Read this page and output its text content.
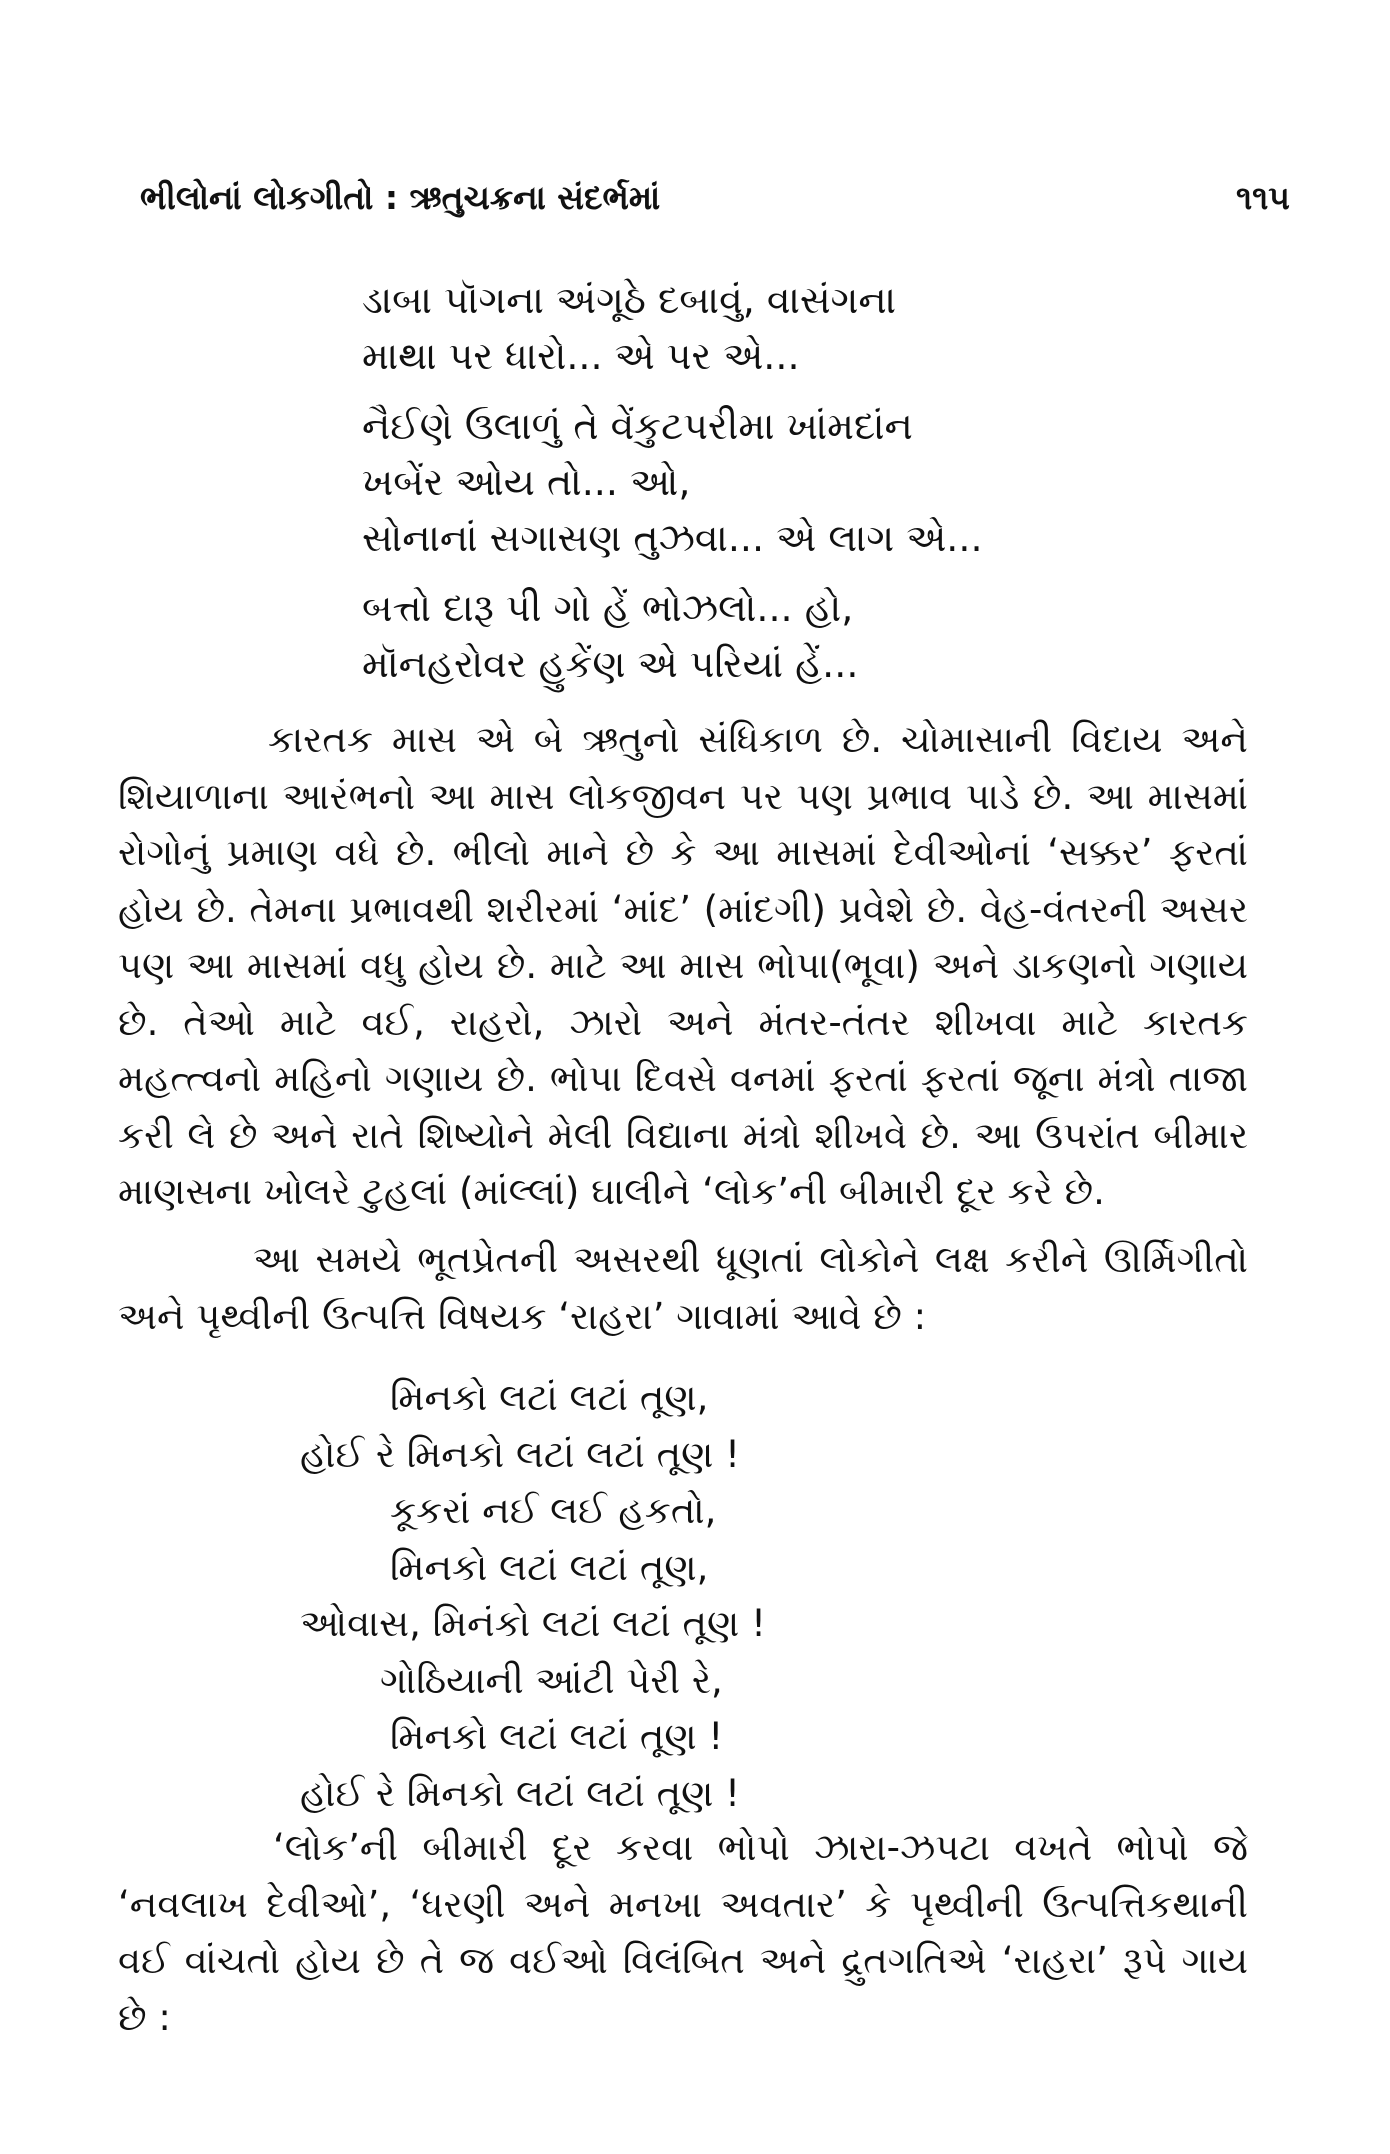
ભીલોનાં લોકગીતો : ઋતુચક્રના સંદર્ભમાં	૧૧૫
ડાબા પૉગના અંગૂઠે દબાવું, વાસંગના
માથા પર ધારો... એ પર એ...
નૈઈણે ઉલાળું તે વેંકુટપરીમા ખાંમદાંન
ખબેંર ઓય તો... ઓ,
સોનાનાં સગાસણ તુઝવા... એ લાગ એ...
બત્તો દારૂ પી ગો હેં ભોઝલો... હો,
મૉનહરોવર હુકેંણ એ પરિયાં હેં...

કારતક માસ એ બે ઋતુનો સંધિકાળ છે. ચોમાસાની વિદાય અને શિયાળાના આરંભનો આ માસ લોકજીવન પર પણ પ્રભાવ પાડે છે. આ માસમાં રોગોનું પ્રમાણ વધે છે. ભીલો માને છે કે આ માસમાં દેવીઓનાં ‘સક્કર’ ફરતાં હોય છે. તેમના પ્રભાવથી શરીરમાં ‘માંદ’ (માંદગી) પ્રવેશે છે. વેહ-વંતરની અસર પણ આ માસમાં વધુ હોય છે. માટે આ માસ ભોપા(ભૂવા) અને ડાકણનો ગણાય છે. તેઓ માટે વઈ, રાહરો, ઝારો અને મંતર-તંતર શીખવા માટે કારતક મહત્ત્વનો મહિનો ગણાય છે. ભોપા દિવસે વનમાં ફરતાં ફરતાં જૂના મંત્રો તાજા કરી લે છે અને રાતે શિષ્યોને મેલી વિદ્યાના મંત્રો શીખવે છે. આ ઉપરાંત બીમાર માણસના ખોલરે ટુહલાં (માંલ્લાં) ઘાલીને ‘લોક’ની બીમારી દૂર કરે છે.

આ સમયે ભૂતપ્રેતની અસરથી ધૂણતાં લોકોને લક્ષ કરીને ઊર્મિગીતો અને પૃથ્વીની ઉત્પત્તિ વિષયક ‘રાહરા’ ગાવામાં આવે છે :

મિનકો લટાં લટાં તૂણ,
હોઈ રે મિનકો લટાં લટાં તૂણ !
કૂકરાં નઈ લઈ હકતો,
મિનકો લટાં લટાં તૂણ,
ઓવાસ, મિનંકો લટાં લટાં તૂણ !
ગોઠિયાની આંટી પેરી રે,
મિનકો લટાં લટાં તૂણ !
હોઈ રે મિનકો લટાં લટાં તૂણ !

‘લોક’ની બીમારી દૂર કરવા ભોપો ઝારા-ઝપટા વખતે ભોપો જે ‘નવલાખ દેવીઓ’, ‘ધરણી અને મનખા અવતાર’ કે પૃથ્વીની ઉત્પત્તિકથાની વઈ વાંચતો હોય છે તે જ વઈઓ વિલંબિત અને દ્રુતગતિએ ‘રાહરા’ રૂપે ગાય છે :
